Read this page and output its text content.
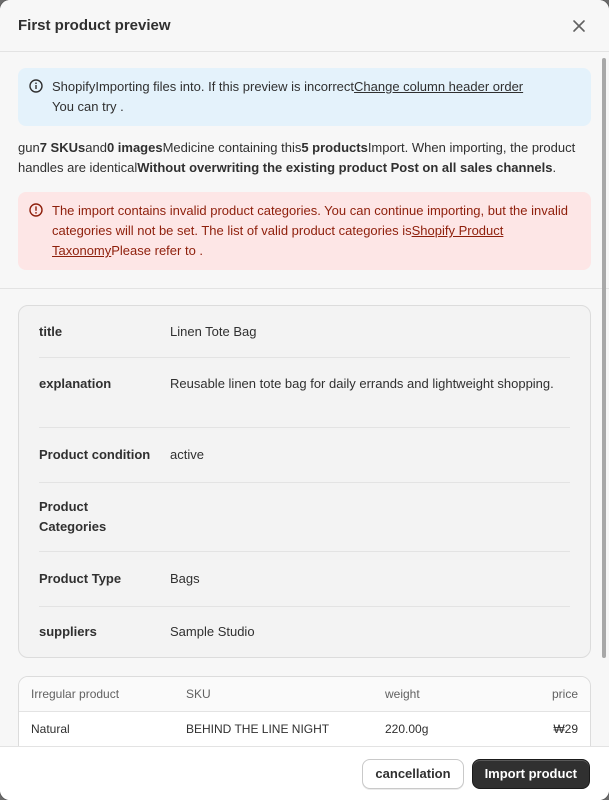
First product preview
ShopifyImporting files into. If this preview is incorrectChange column header order
You can try .
gun7 SKUsand0 imagesMedicine containing this5 productsImport. When importing, the product handles are identicalWithout overwriting the existing product Post on all sales channels.
The import contains invalid product categories. You can continue importing, but the invalid categories will not be set. The list of valid product categories isShopify Product TaxonomyPlease refer to .
title	Linen Tote Bag
explanation	Reusable linen tote bag for daily errands and lightweight shopping.
Product condition	active
Product Categories
Product Type	Bags
suppliers	Sample Studio
Irregular product	SKU	weight	price
Natural	BEHIND THE LINE NIGHT	220.00g	₩29
cancellation	Import product
